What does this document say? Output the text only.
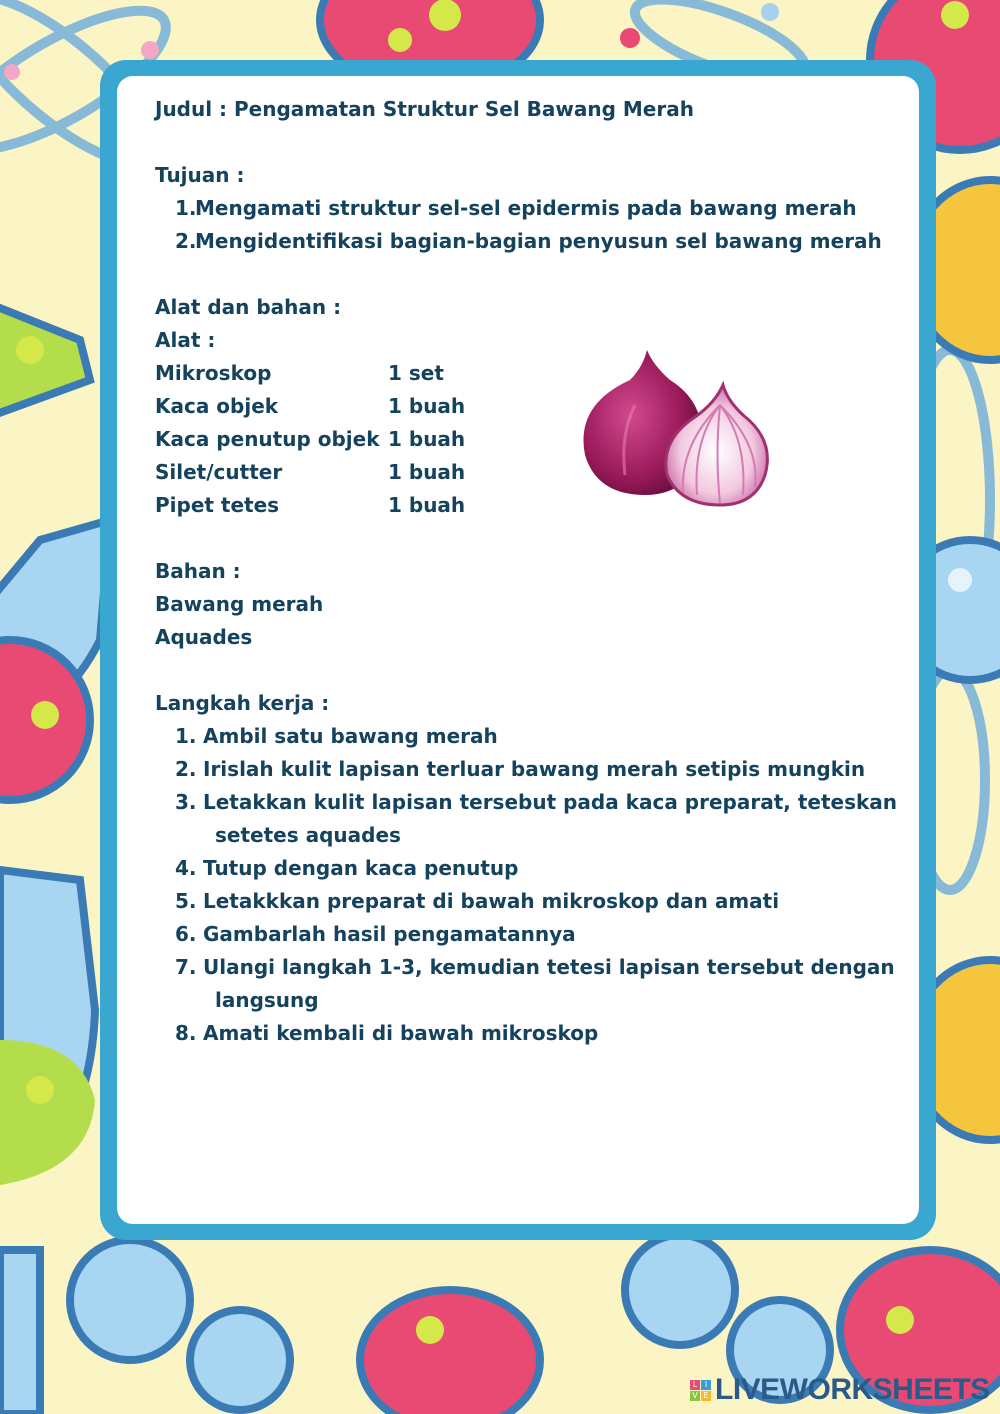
Judul : Pengamatan Struktur Sel Bawang Merah
Tujuan :
1.Mengamati struktur sel-sel epidermis pada bawang merah
2.Mengidentifikasi bagian-bagian penyusun sel bawang merah
Alat dan bahan :
Alat :
Mikroskop	1 set
Kaca objek	1 buah
Kaca penutup objek 1 buah
Silet/cutter	1 buah
Pipet tetes	1 buah
Bahan :
Bawang merah
Aquades
Langkah kerja :
1. Ambil satu bawang merah
2. Irislah kulit lapisan terluar bawang merah setipis mungkin
3. Letakkan kulit lapisan tersebut pada kaca preparat, teteskan
setetes aquades
4. Tutup dengan kaca penutup
5. Letakkkan preparat di bawah mikroskop dan amati
6. Gambarlah hasil pengamatannya
7. Ulangi langkah 1-3, kemudian tetesi lapisan tersebut dengan
langsung
8. Amati kembali di bawah mikroskop
L I
V E LIVEWORKSHEETS
